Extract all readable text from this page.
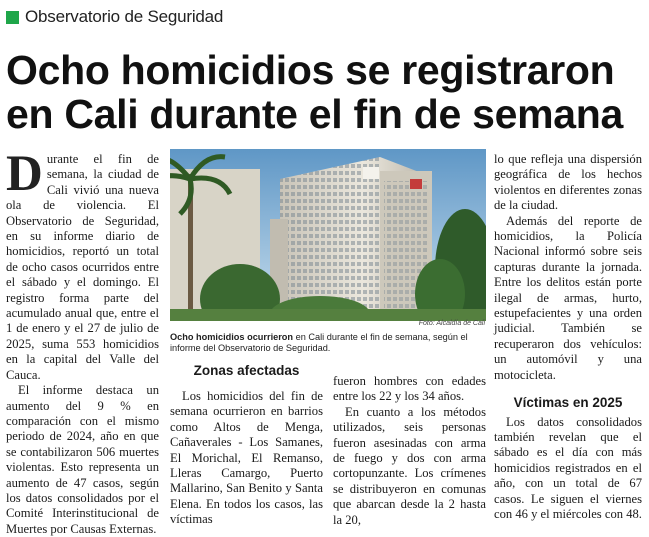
Observatorio de Seguridad
Ocho homicidios se registraron
en Cali durante el fin de semana

Durante el fin de semana, la ciudad de Cali vivió una nueva ola de violencia. El Observatorio de Seguridad, en su informe diario de homicidios, reportó un total de ocho casos ocurridos entre el sábado y el domingo. El registro forma parte del acumulado anual que, entre el 1 de enero y el 27 de julio de 2025, suma 553 homicidios en la capital del Valle del Cauca.

El informe destaca un aumento del 9 % en comparación con el mismo periodo de 2024, año en que se contabilizaron 506 muertes violentas. Esto representa un aumento de 47 casos, según los datos consolidados por el Comité Interinstitucional de Muertes por Causas Externas.

Foto: Alcaldía de Cali
Ocho homicidios ocurrieron en Cali durante el fin de semana, según el informe del Observatorio de Seguridad.

Zonas afectadas

Los homicidios del fin de semana ocurrieron en barrios como Altos de Menga, Cañaverales - Los Samanes, El Morichal, El Remanso, Lleras Camargo, Puerto Mallarino, San Benito y Santa Elena. En todos los casos, las víctimas

fueron hombres con edades entre los 22 y los 34 años.

En cuanto a los métodos utilizados, seis personas fueron asesinadas con arma de fuego y dos con arma cortopunzante. Los crímenes se distribuyeron en comunas que abarcan desde la 2 hasta la 20,

lo que refleja una dispersión geográfica de los hechos violentos en diferentes zonas de la ciudad.

Además del reporte de homicidios, la Policía Nacional informó sobre seis capturas durante la jornada. Entre los delitos están porte ilegal de armas, hurto, estupefacientes y una orden judicial. También se recuperaron dos vehículos: un automóvil y una motocicleta.

Víctimas en 2025

Los datos consolidados también revelan que el sábado es el día con más homicidios registrados en el año, con un total de 67 casos. Le siguen el viernes con 46 y el miércoles con 48.
